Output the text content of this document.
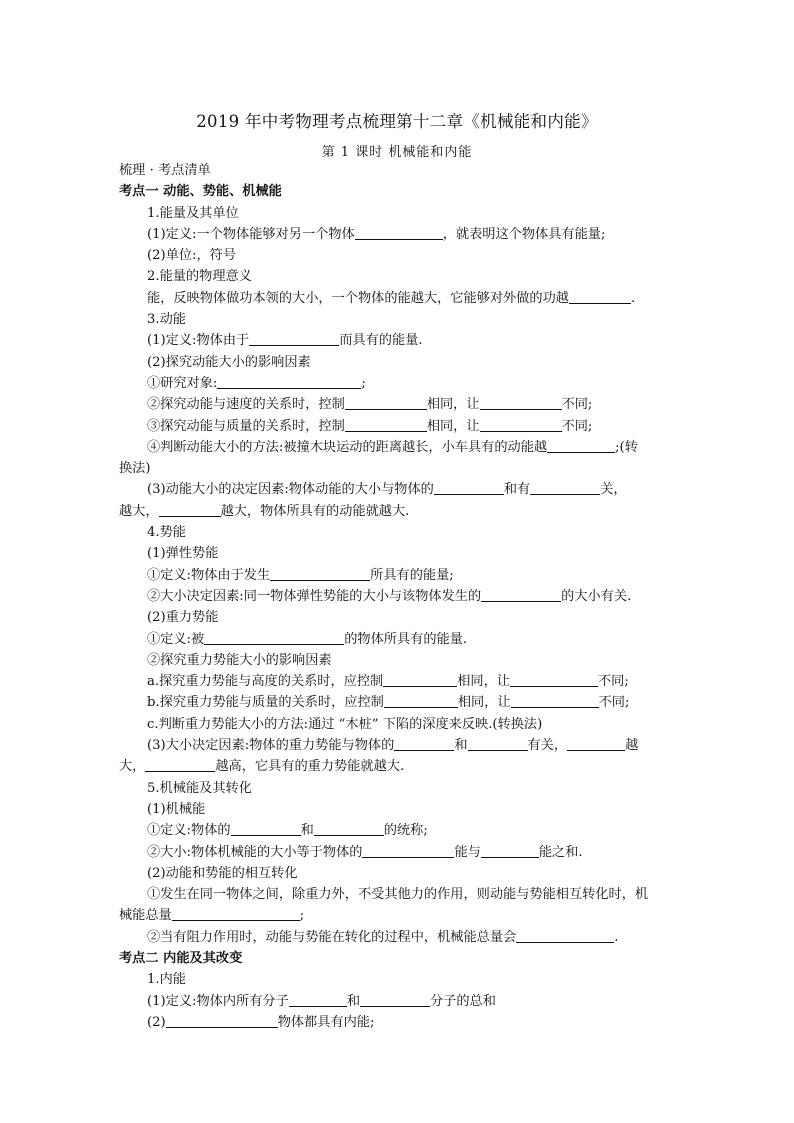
2019 年中考物理考点梳理第十二章《机械能和内能》
第 1 课时 机械能和内能
梳理 · 考点清单
考点一 动能、势能、机械能
1.能量及其单位
(1)定义:一个物体能够对另一个物体	，就表明这个物体具有能量;
(2)单位:，符号
2.能量的物理意义
能，反映物体做功本领的大小，一个物体的能越大，它能够对外做的功越	.
3.动能
(1)定义:物体由于	而具有的能量.
(2)探究动能大小的影响因素
①研究对象:	;
②探究动能与速度的关系时，控制	相同，让	不同;
③探究动能与质量的关系时，控制	相同，让	不同;
④判断动能大小的方法:被撞木块运动的距离越长，小车具有的动能越	;(转
换法)
(3)动能大小的决定因素:物体动能的大小与物体的	和有	关，
越大，	越大，物体所具有的动能就越大.
4.势能
(1)弹性势能
①定义:物体由于发生	所具有的能量;
②大小决定因素:同一物体弹性势能的大小与该物体发生的	的大小有关.
(2)重力势能
①定义:被	的物体所具有的能量.
②探究重力势能大小的影响因素
a.探究重力势能与高度的关系时，应控制	相同，让	不同;
b.探究重力势能与质量的关系时，应控制	相同，让	不同;
c.判断重力势能大小的方法:通过 “木桩” 下陷的深度来反映.(转换法)
(3)大小决定因素:物体的重力势能与物体的	和	有关，	越
大，	越高，它具有的重力势能就越大.
5.机械能及其转化
(1)机械能
①定义:物体的	和	的统称;
②大小:物体机械能的大小等于物体的	能与	能之和.
(2)动能和势能的相互转化
①发生在同一物体之间，除重力外，不受其他力的作用，则动能与势能相互转化时，机
械能总量	;
②当有阻力作用时，动能与势能在转化的过程中，机械能总量会	.
考点二 内能及其改变
1.内能
(1)定义:物体内所有分子	和	分子的总和
(2)	物体都具有内能;
